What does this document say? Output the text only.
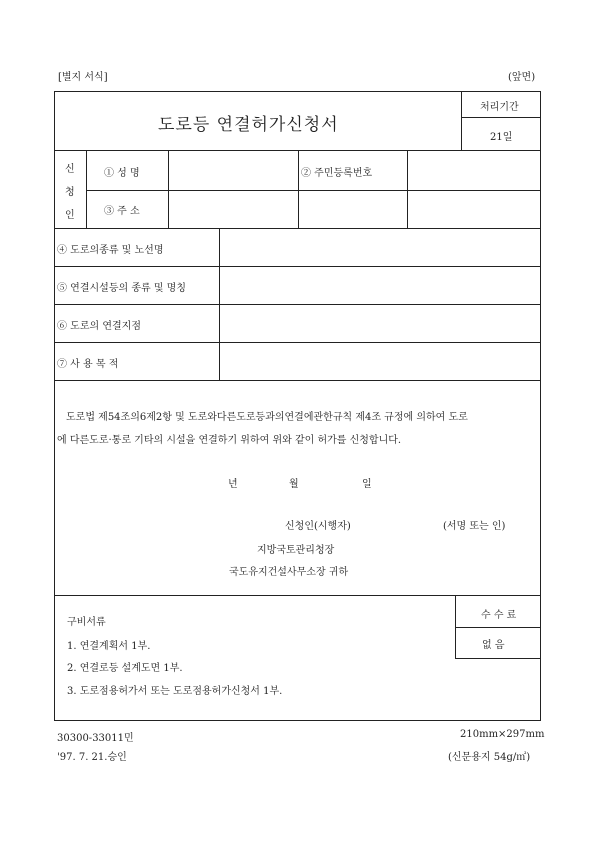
[별지 서식]	(앞면)
도로등 연결허가신청서
처리기간
21일
신
청
인
① 성 명	② 주민등록번호
③ 주 소
④ 도로의종류 및 노선명
⑤ 연결시설등의 종류 및 명칭
⑥ 도로의 연결지점
⑦ 사 용 목 적
도로법 제54조의6제2항 및 도로와다른도로등과의연결에관한규칙 제4조 규정에 의하여 도로
에 다른도로·통로 기타의 시설을 연결하기 위하여 위와 같이 허가를 신청합니다.
년	월	일
신청인(시행자)	(서명 또는 인)
지방국토관리청장
국도유지건설사무소장 귀하
구비서류
1. 연결계획서 1부.
2. 연결로등 설계도면 1부.
3. 도로점용허가서 또는 도로점용허가신청서 1부.
수 수 료
없 음
30300-33011민
'97. 7. 21.승인
210mm×297mm
(신문용지 54g/㎡)
